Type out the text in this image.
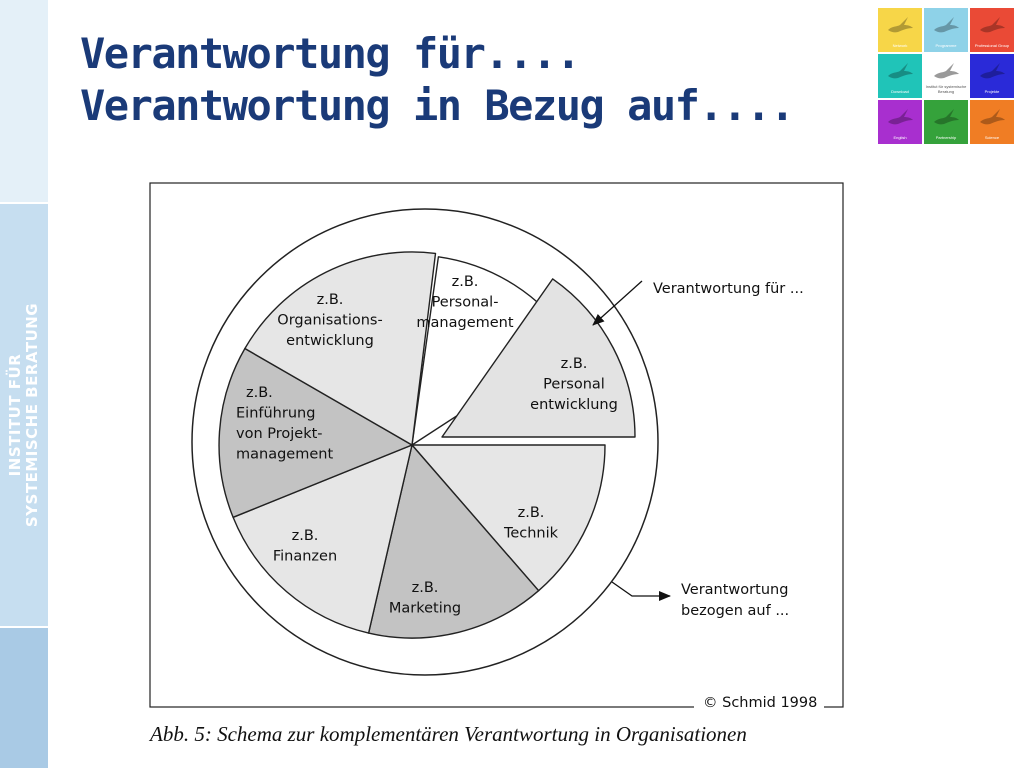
INSTITUT FÜR SYSTEMISCHE BERATUNG
Verantwortung für....
Verantwortung in Bezug auf....
Network	Programme	Professional Group
Download
Institut für systemische Beratung	Projekte
English	Partnership	Science
z.B. Personal-management
z.B. Personal entwicklung
z.B. Technik
z.B. Marketing
z.B. Finanzen
z.B. Einführung von Projekt-management
z.B. Organisations-entwicklung
Verantwortung für ...
Verantwortung bezogen auf ...
© Schmid 1998

Abb. 5: Schema zur komplementären Verantwortung in Organisationen
